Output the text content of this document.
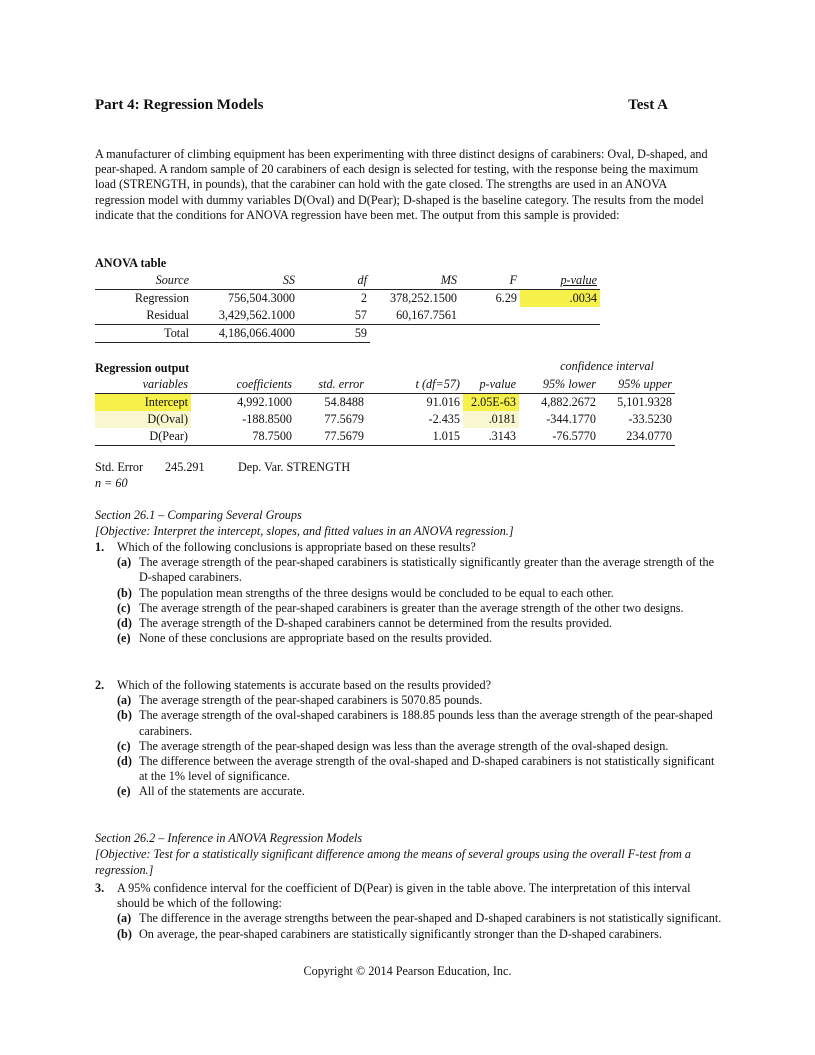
Part 4: Regression Models	Test A
A manufacturer of climbing equipment has been experimenting with three distinct designs of carabiners: Oval, D-shaped, and pear-shaped. A random sample of 20 carabiners of each design is selected for testing, with the response being the maximum load (STRENGTH, in pounds), that the carabiner can hold with the gate closed. The strengths are used in an ANOVA regression model with dummy variables D(Oval) and D(Pear); D-shaped is the baseline category. The results from the model indicate that the conditions for ANOVA regression have been met. The output from this sample is provided:
ANOVA table
Source	SS	df	MS	F	p-value
Regression	756,504.3000	2	378,252.1500	6.29	.0034
Residual	3,429,562.1000	57	60,167.7561		
Total	4,186,066.4000	59			
Regression output	confidence interval
variables	coefficients	std. error	t (df=57)	p-value	95% lower	95% upper
Intercept	4,992.1000	54.8488	91.016	2.05E-63	4,882.2672	5,101.9328
D(Oval)	-188.8500	77.5679	-2.435	.0181	-344.1770	-33.5230
D(Pear)	78.7500	77.5679	1.015	.3143	-76.5770	234.0770
Std. Error 245.291	Dep. Var. STRENGTH
n = 60
Section 26.1 – Comparing Several Groups
[Objective: Interpret the intercept, slopes, and fitted values in an ANOVA regression.]
1. Which of the following conclusions is appropriate based on these results?
(a) The average strength of the pear-shaped carabiners is statistically significantly greater than the average strength of the D-shaped carabiners.
(b) The population mean strengths of the three designs would be concluded to be equal to each other.
(c) The average strength of the pear-shaped carabiners is greater than the average strength of the other two designs.
(d) The average strength of the D-shaped carabiners cannot be determined from the results provided.
(e) None of these conclusions are appropriate based on the results provided.
2. Which of the following statements is accurate based on the results provided?
(a) The average strength of the pear-shaped carabiners is 5070.85 pounds.
(b) The average strength of the oval-shaped carabiners is 188.85 pounds less than the average strength of the pear-shaped carabiners.
(c) The average strength of the pear-shaped design was less than the average strength of the oval-shaped design.
(d) The difference between the average strength of the oval-shaped and D-shaped carabiners is not statistically significant at the 1% level of significance.
(e) All of the statements are accurate.
Section 26.2 – Inference in ANOVA Regression Models
[Objective: Test for a statistically significant difference among the means of several groups using the overall F-test from a regression.]
3. A 95% confidence interval for the coefficient of D(Pear) is given in the table above. The interpretation of this interval should be which of the following:
(a) The difference in the average strengths between the pear-shaped and D-shaped carabiners is not statistically significant.
(b) On average, the pear-shaped carabiners are statistically significantly stronger than the D-shaped carabiners.
Copyright © 2014 Pearson Education, Inc.
